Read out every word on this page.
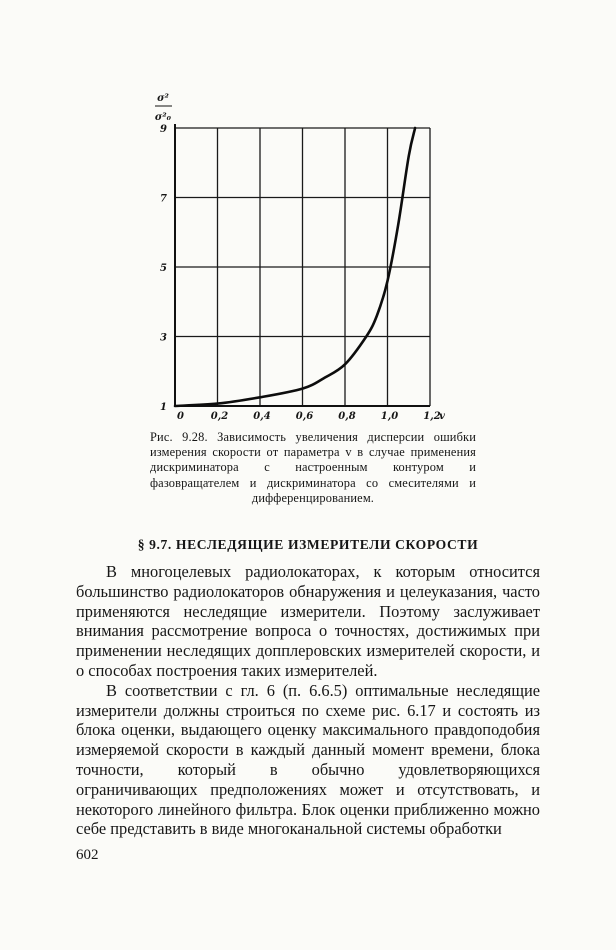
0	0,2	0,4	0,6	0,8	1,0	1,2
v
1
3
5
7
9
σ²
σ²₀
Рис. 9.28. Зависимость увеличения дисперсии ошибки измерения скорости от параметра v в случае применения дискриминатора с настроенным контуром и фазовращателем и дискриминатора со смесителями и дифференцированием.
§ 9.7. НЕСЛЕДЯЩИЕ ИЗМЕРИТЕЛИ СКОРОСТИ

В многоцелевых радиолокаторах, к которым относится большинство радиолокаторов обнаружения и целеуказания, часто применяются неследящие измерители. Поэтому заслуживает внимания рассмотрение вопроса о точностях, достижимых при применении неследящих допплеровских измерителей скорости, и о способах построения таких измерителей.

В соответствии с гл. 6 (п. 6.6.5) оптимальные неследящие измерители должны строиться по схеме рис. 6.17 и состоять из блока оценки, выдающего оценку максимального правдоподобия измеряемой скорости в каждый данный момент времени, блока точности, который в обычно удовлетворяющихся ограничивающих предположениях может и отсутствовать, и некоторого линейного фильтра. Блок оценки приближенно можно себе представить в виде многоканальной системы обработки

602
